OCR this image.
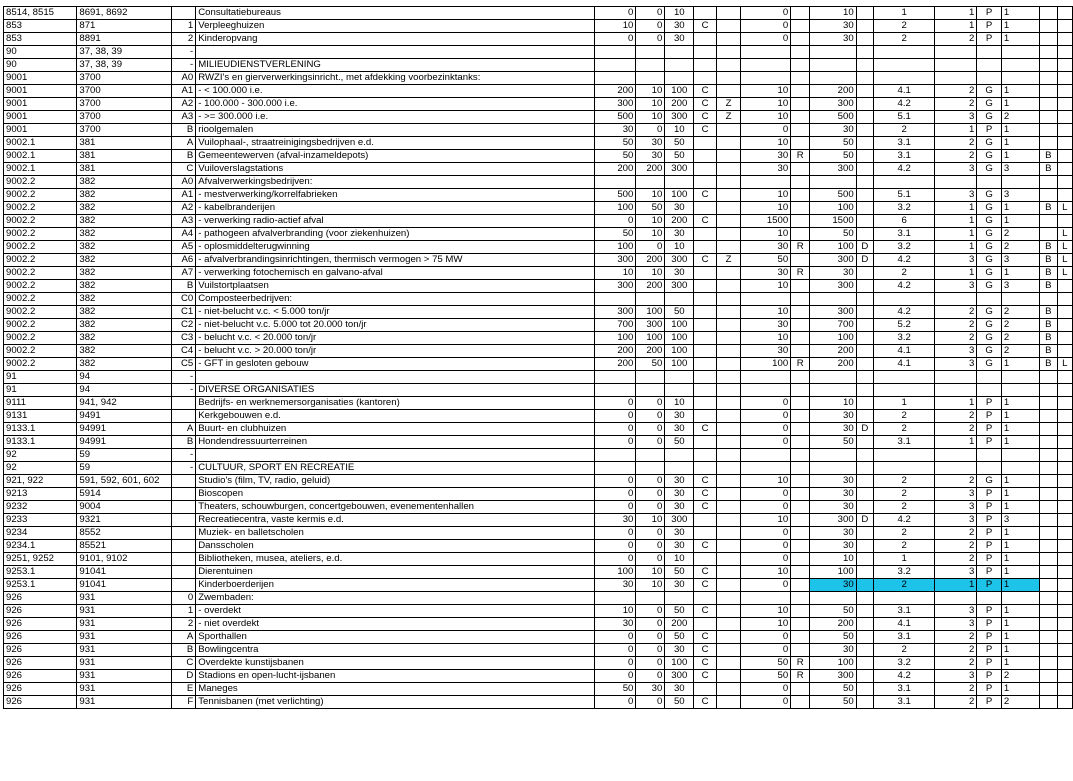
8514, 8515	8691, 8692		Consultatiebureaus	0	0	10			0		10		1	1	P	1		
853	871	1	Verpleeghuizen	10	0	30	C		0		30		2	1	P	1		
853	8891	2	Kinderopvang	0	0	30			0		30		2	2	P	1		
90	37, 38, 39	-																
90	37, 38, 39	-	MILIEUDIENSTVERLENING															
9001	3700	A0	RWZI's en gierverwerkingsinricht., met afdekking voorbezinktanks:															
9001	3700	A1	- < 100.000 i.e.	200	10	100	C		10		200		4.1	2	G	1		
9001	3700	A2	- 100.000 - 300.000 i.e.	300	10	200	C	Z	10		300		4.2	2	G	1		
9001	3700	A3	- >= 300.000 i.e.	500	10	300	C	Z	10		500		5.1	3	G	2		
9001	3700	B	rioolgemalen	30	0	10	C		0		30		2	1	P	1		
9002.1	381	A	Vuilophaal-, straatreinigingsbedrijven e.d.	50	30	50			10		50		3.1	2	G	1		
9002.1	381	B	Gemeentewerven (afval-inzameldepots)	50	30	50			30	R	50		3.1	2	G	1	B	
9002.1	381	C	Vuiloverslagstations	200	200	300			30		300		4.2	3	G	3	B	
9002.2	382	A0	Afvalverwerkingsbedrijven:															
9002.2	382	A1	- mestverwerking/korrelfabrieken	500	10	100	C		10		500		5.1	3	G	3		
9002.2	382	A2	- kabelbranderijen	100	50	30			10		100		3.2	1	G	1	B	L
9002.2	382	A3	- verwerking radio-actief afval	0	10	200	C		1500		1500		6	1	G	1		
9002.2	382	A4	- pathogeen afvalverbranding (voor ziekenhuizen)	50	10	30			10		50		3.1	1	G	2		L
9002.2	382	A5	- oplosmiddelterugwinning	100	0	10			30	R	100	D	3.2	1	G	2	B	L
9002.2	382	A6	- afvalverbrandingsinrichtingen, thermisch vermogen > 75 MW	300	200	300	C	Z	50		300	D	4.2	3	G	3	B	L
9002.2	382	A7	- verwerking fotochemisch en galvano-afval	10	10	30			30	R	30		2	1	G	1	B	L
9002.2	382	B	Vuilstortplaatsen	300	200	300			10		300		4.2	3	G	3	B	
9002.2	382	C0	Composteerbedrijven:															
9002.2	382	C1	- niet-belucht v.c. < 5.000 ton/jr	300	100	50			10		300		4.2	2	G	2	B	
9002.2	382	C2	- niet-belucht v.c. 5.000 tot 20.000 ton/jr	700	300	100			30		700		5.2	2	G	2	B	
9002.2	382	C3	- belucht v.c. < 20.000 ton/jr	100	100	100			10		100		3.2	2	G	2	B	
9002.2	382	C4	- belucht v.c. > 20.000 ton/jr	200	200	100			30		200		4.1	3	G	2	B	
9002.2	382	C5	- GFT in gesloten gebouw	200	50	100			100	R	200		4.1	3	G	1	B	L
91	94	-																
91	94	-	DIVERSE ORGANISATIES															
9111	941, 942		Bedrijfs- en werknemersorganisaties (kantoren)	0	0	10			0		10		1	1	P	1		
9131	9491		Kerkgebouwen e.d.	0	0	30			0		30		2	2	P	1		
9133.1	94991	A	Buurt- en clubhuizen	0	0	30	C		0		30	D	2	2	P	1		
9133.1	94991	B	Hondendressuurterreinen	0	0	50			0		50		3.1	1	P	1		
92	59	-																
92	59	-	CULTUUR, SPORT EN RECREATIE															
921, 922	591, 592, 601, 602		Studio's (film, TV, radio, geluid)	0	0	30	C		10		30		2	2	G	1		
9213	5914		Bioscopen	0	0	30	C		0		30		2	3	P	1		
9232	9004		Theaters, schouwburgen, concertgebouwen, evenementenhallen	0	0	30	C		0		30		2	3	P	1		
9233	9321		Recreatiecentra, vaste kermis e.d.	30	10	300			10		300	D	4.2	3	P	3		
9234	8552		Muziek- en balletscholen	0	0	30			0		30		2	2	P	1		
9234.1	85521		Dansscholen	0	0	30	C		0		30		2	2	P	1		
9251, 9252	9101, 9102		Bibliotheken, musea, ateliers, e.d.	0	0	10			0		10		1	2	P	1		
9253.1	91041		Dierentuinen	100	10	50	C		10		100		3.2	3	P	1		
9253.1	91041		Kinderboerderijen	30	10	30	C		0		30		2	1	P	1		
926	931	0	Zwembaden:															
926	931	1	- overdekt	10	0	50	C		10		50		3.1	3	P	1		
926	931	2	- niet overdekt	30	0	200			10		200		4.1	3	P	1		
926	931	A	Sporthallen	0	0	50	C		0		50		3.1	2	P	1		
926	931	B	Bowlingcentra	0	0	30	C		0		30		2	2	P	1		
926	931	C	Overdekte kunstijsbanen	0	0	100	C		50	R	100		3.2	2	P	1		
926	931	D	Stadions en open-lucht-ijsbanen	0	0	300	C		50	R	300		4.2	3	P	2		
926	931	E	Maneges	50	30	30			0		50		3.1	2	P	1		
926	931	F	Tennisbanen (met verlichting)	0	0	50	C		0		50		3.1	2	P	2		
